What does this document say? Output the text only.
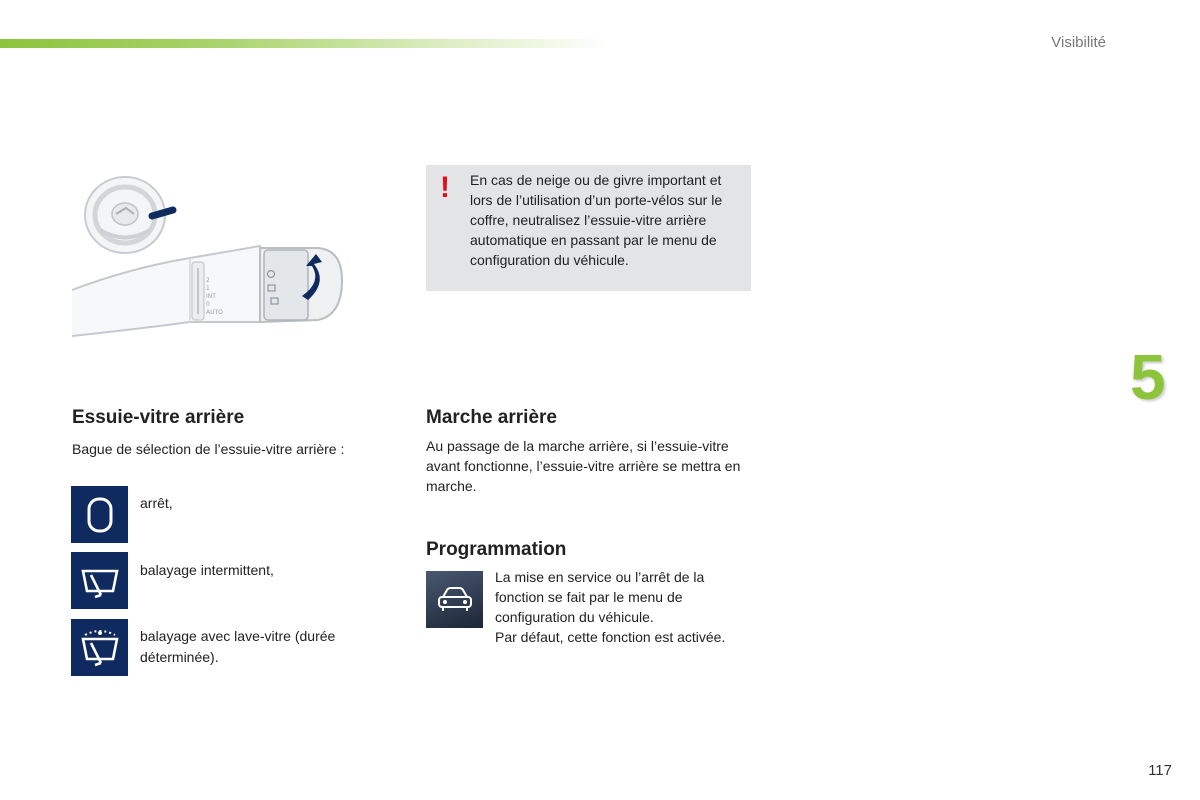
Visibilité
2
1
INT
0
AUTO
! En cas de neige ou de givre important et lors de l’utilisation d’un porte-vélos sur le coffre, neutralisez l’essuie-vitre arrière automatique en passant par le menu de configuration du véhicule.
Essuie-vitre arrière

Bague de sélection de l’essuie-vitre arrière :

arrêt,
balayage intermittent,
balayage avec lave-vitre (durée déterminée).
Marche arrière

Au passage de la marche arrière, si l’essuie-vitre avant fonctionne, l’essuie-vitre arrière se mettra en marche.

Programmation

La mise en service ou l’arrêt de la fonction se fait par le menu de configuration du véhicule.

Par défaut, cette fonction est activée.

5
117
